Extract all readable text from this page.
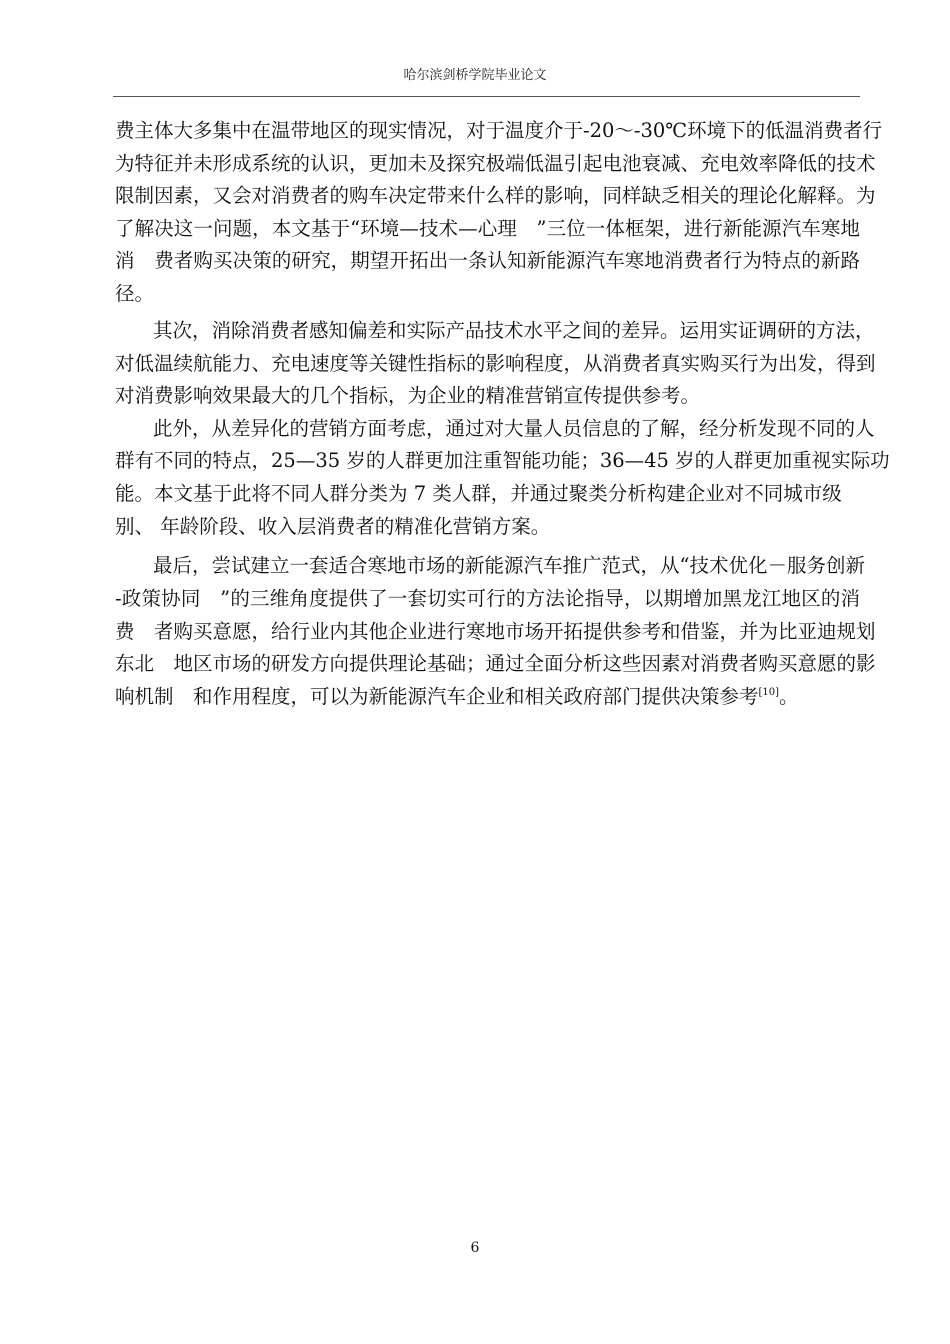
哈尔滨剑桥学院毕业论文
费主体大多集中在温带地区的现实情况，对于温度介于-20～-30℃环境下的低温消费者行
为特征并未形成系统的认识，更加未及探究极端低温引起电池衰减、充电效率降低的技术
限制因素，又会对消费者的购车决定带来什么样的影响，同样缺乏相关的理论化解释。为
了解决这一问题，本文基于“环境—技术—心理　”三位一体框架，进行新能源汽车寒地
消　费者购买决策的研究，期望开拓出一条认知新能源汽车寒地消费者行为特点的新路
径。
其次，消除消费者感知偏差和实际产品技术水平之间的差异。运用实证调研的方法，
对低温续航能力、充电速度等关键性指标的影响程度，从消费者真实购买行为出发，得到
对消费影响效果最大的几个指标，为企业的精准营销宣传提供参考。
此外，从差异化的营销方面考虑，通过对大量人员信息的了解，经分析发现不同的人
群有不同的特点，25—35 岁的人群更加注重智能功能；36—45 岁的人群更加重视实际功
能。本文基于此将不同人群分类为 7 类人群，并通过聚类分析构建企业对不同城市级
别、 年龄阶段、收入层消费者的精准化营销方案。
最后，尝试建立一套适合寒地市场的新能源汽车推广范式，从“技术优化－服务创新
-政策协同　”的三维角度提供了一套切实可行的方法论指导，以期增加黑龙江地区的消
费　者购买意愿，给行业内其他企业进行寒地市场开拓提供参考和借鉴，并为比亚迪规划
东北　地区市场的研发方向提供理论基础；通过全面分析这些因素对消费者购买意愿的影
响机制　和作用程度，可以为新能源汽车企业和相关政府部门提供决策参考[10]。
6
